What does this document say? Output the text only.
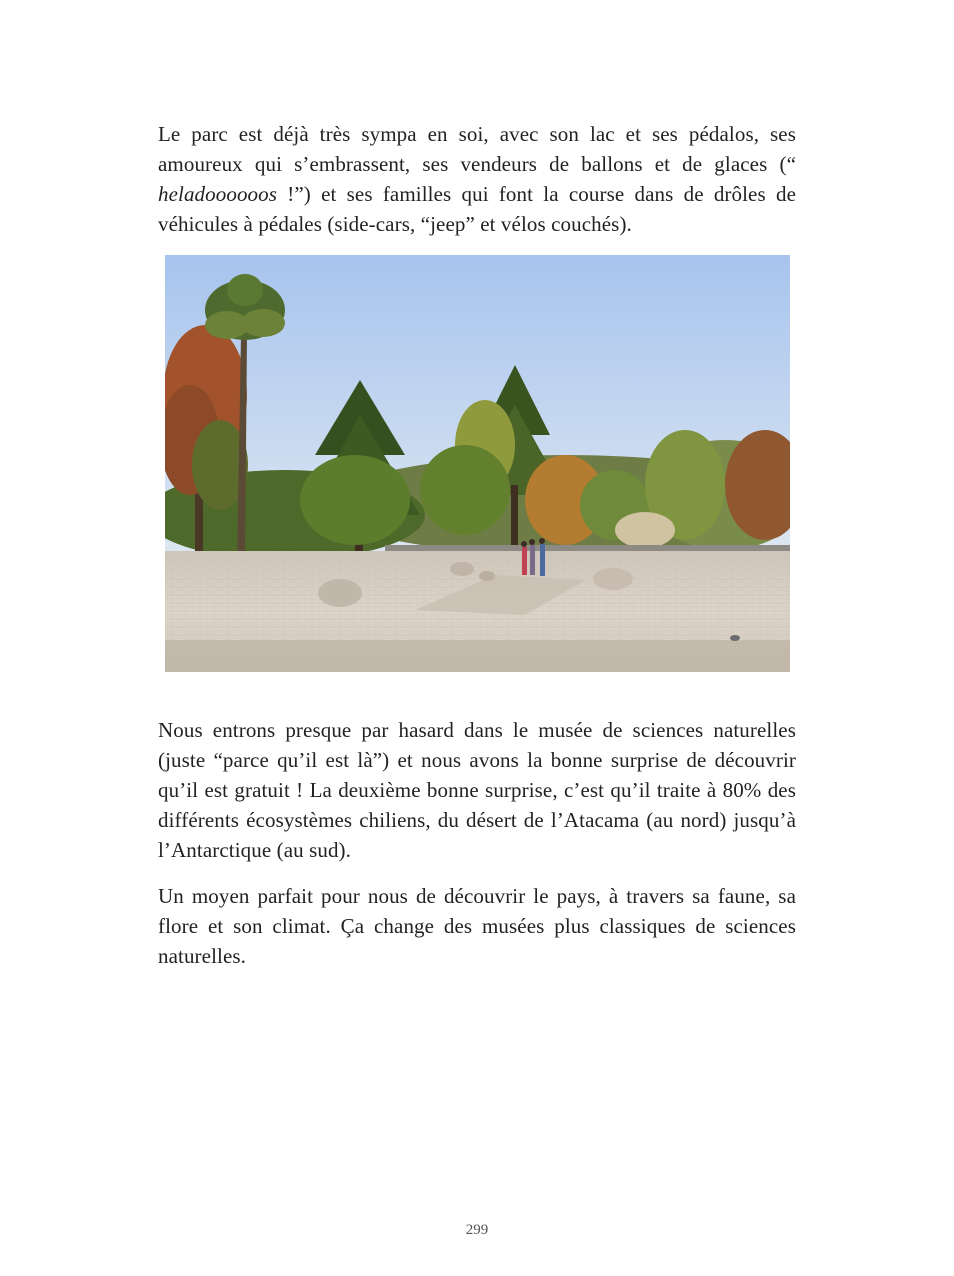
Le parc est déjà très sympa en soi, avec son lac et ses pédalos, ses amoureux qui s’embrassent, ses vendeurs de ballons et de glaces (“ heladoooooos !”) et ses familles qui font la course dans de drôles de véhicules à pédales (side-cars, “jeep” et vélos couchés).

Nous entrons presque par hasard dans le musée de sciences naturelles (juste “parce qu’il est là”) et nous avons la bonne surprise de découvrir qu’il est gratuit ! La deuxième bonne surprise, c’est qu’il traite à 80% des différents écosystèmes chiliens, du désert de l’Atacama (au nord) jusqu’à l’Antarctique (au sud).

Un moyen parfait pour nous de découvrir le pays, à travers sa faune, sa flore et son climat. Ça change des musées plus classiques de sciences naturelles.

299
